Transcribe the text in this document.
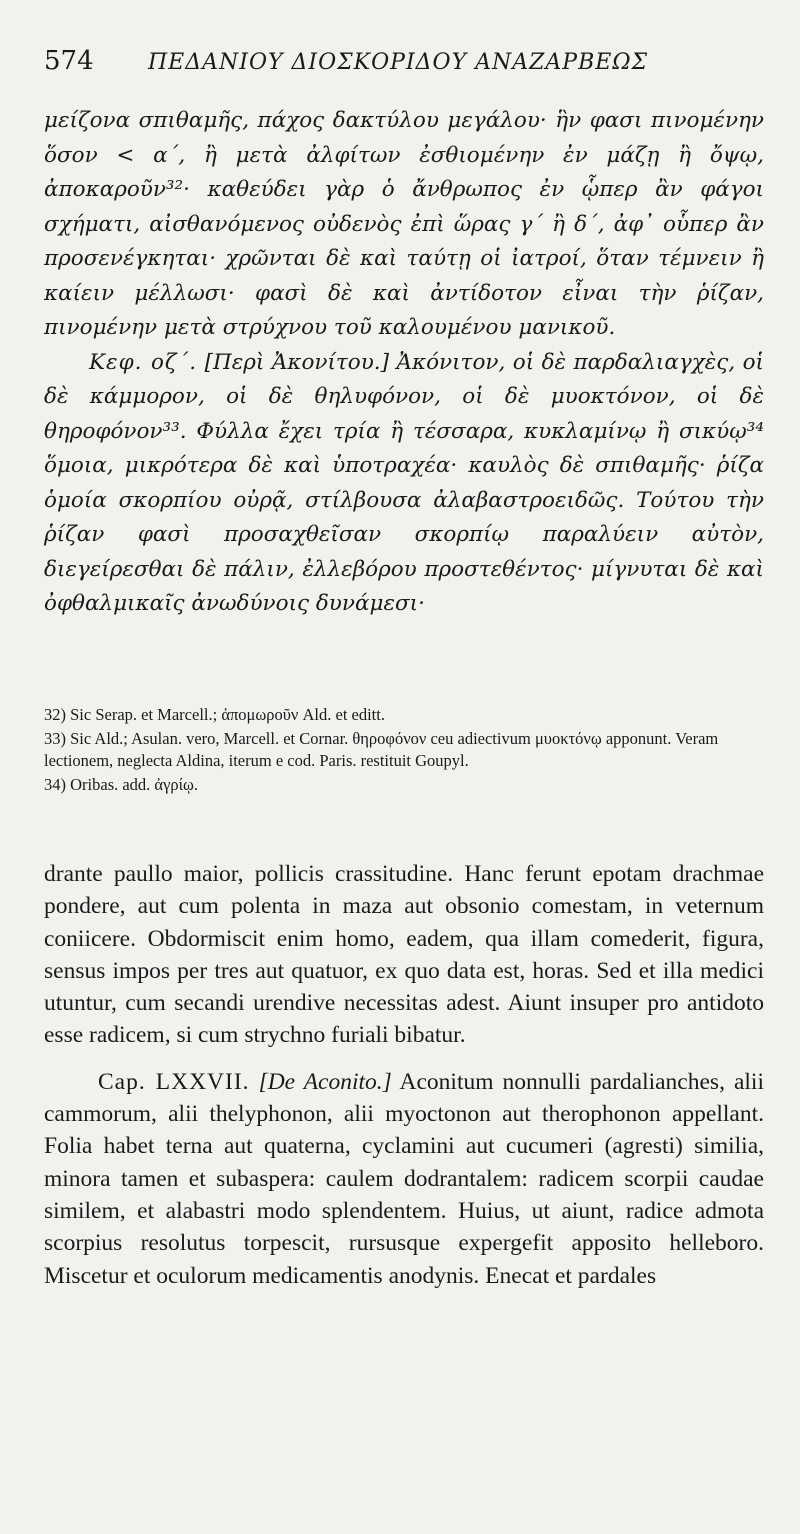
574 ΠΕΔΑΝΙΟΥ ΔΙΟΣΚΟΡΙΔΟΥ ΑΝΑΖΑΡΒΕΩΣ

μείζονα σπιθαμῆς, πάχος δακτύλου μεγάλου· ἣν φασι πινομένην ὅσον < α΄, ἢ μετὰ ἀλφίτων ἐσθιομένην ἐν μάζῃ ἢ ὄψῳ, ἀποκαροῦν³²· καθεύδει γὰρ ὁ ἄνθρωπος ἐν ᾧπερ ἂν φάγοι σχήματι, αἰσθανόμενος οὐδενὸς ἐπὶ ὥρας γ΄ ἢ δ΄, ἀφ᾽ οὗπερ ἂν προσενέγκηται· χρῶνται δὲ καὶ ταύτῃ οἱ ἰατροί, ὅταν τέμνειν ἢ καίειν μέλλωσι· φασὶ δὲ καὶ ἀντίδοτον εἶναι τὴν ῥίζαν, πινομένην μετὰ στρύχνου τοῦ καλουμένου μανικοῦ.

Κεφ. οζ΄. [Περὶ Ἀκονίτου.] Ἀκόνιτον, οἱ δὲ παρδαλιαγχὲς, οἱ δὲ κάμμορον, οἱ δὲ θηλυφόνον, οἱ δὲ μυοκτόνον, οἱ δὲ θηροφόνον³³. Φύλλα ἔχει τρία ἢ τέσσαρα, κυκλαμίνῳ ἢ σικύῳ³⁴ ὅμοια, μικρότερα δὲ καὶ ὑποτραχέα· καυλὸς δὲ σπιθαμῆς· ῥίζα ὁμοία σκορπίου οὐρᾷ, στίλβουσα ἀλαβαστροειδῶς. Τούτου τὴν ῥίζαν φασὶ προσαχθεῖσαν σκορπίῳ παραλύειν αὐτὸν, διεγείρεσθαι δὲ πάλιν, ἐλλεβόρου προστεθέντος· μίγνυται δὲ καὶ ὀφθαλμικαῖς ἀνωδύνοις δυνάμεσι·

32) Sic Serap. et Marcell.; ἀπομωροῦν Ald. et editt.

33) Sic Ald.; Asulan. vero, Marcell. et Cornar. θηροφόνον ceu adiectivum μυοκτόνῳ apponunt. Veram lectionem, neglecta Aldina, iterum e cod. Paris. restituit Goupyl.

34) Oribas. add. ἀγρίῳ.

drante paullo maior, pollicis crassitudine. Hanc ferunt epotam drachmae pondere, aut cum polenta in maza aut obsonio comestam, in veternum coniicere. Obdormiscit enim homo, eadem, qua illam comederit, figura, sensus impos per tres aut quatuor, ex quo data est, horas. Sed et illa medici utuntur, cum secandi urendive necessitas adest. Aiunt insuper pro antidoto esse radicem, si cum strychno furiali bibatur.

Cap. LXXVII. [De Aconito.] Aconitum nonnulli pardalianches, alii cammorum, alii thelyphonon, alii myoctonon aut therophonon appellant. Folia habet terna aut quaterna, cyclamini aut cucumeri (agresti) similia, minora tamen et subaspera: caulem dodrantalem: radicem scorpii caudae similem, et alabastri modo splendentem. Huius, ut aiunt, radice admota scorpius resolutus torpescit, rursusque expergefit apposito helleboro. Miscetur et oculorum medicamentis anodynis. Enecat et pardales
